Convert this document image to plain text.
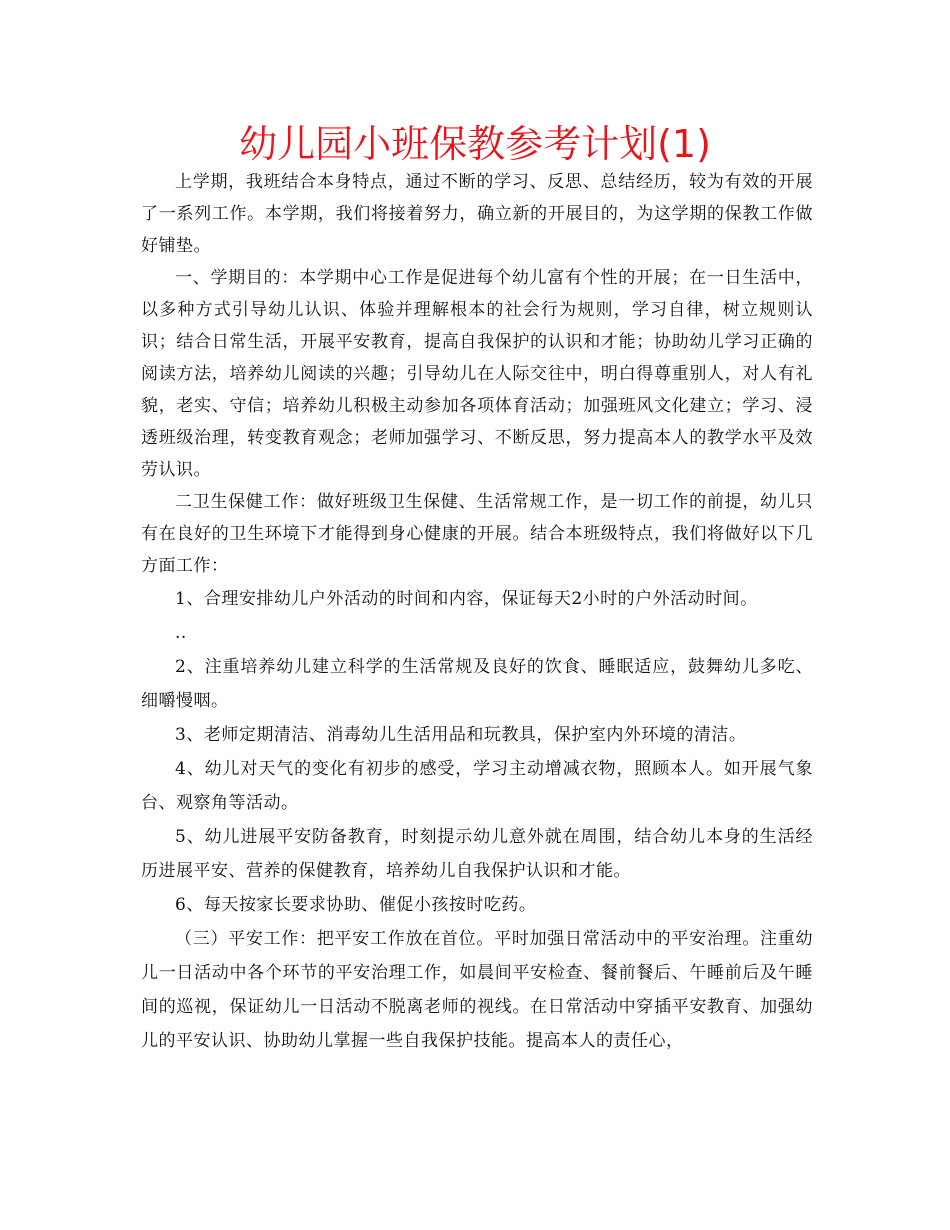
幼儿园小班保教参考计划(1)

上学期，我班结合本身特点，通过不断的学习、反思、总结经历，较为有效的开展了一系列工作。本学期，我们将接着努力，确立新的开展目的，为这学期的保教工作做好铺垫。

一、学期目的：本学期中心工作是促进每个幼儿富有个性的开展；在一日生活中，以多种方式引导幼儿认识、体验并理解根本的社会行为规则，学习自律，树立规则认识；结合日常生活，开展平安教育，提高自我保护的认识和才能；协助幼儿学习正确的阅读方法，培养幼儿阅读的兴趣；引导幼儿在人际交往中，明白得尊重别人，对人有礼貌，老实、守信；培养幼儿积极主动参加各项体育活动；加强班风文化建立；学习、浸透班级治理，转变教育观念；老师加强学习、不断反思，努力提高本人的教学水平及效劳认识。

二卫生保健工作：做好班级卫生保健、生活常规工作，是一切工作的前提，幼儿只有在良好的卫生环境下才能得到身心健康的开展。结合本班级特点，我们将做好以下几方面工作：

1、合理安排幼儿户外活动的时间和内容，保证每天2小时的户外活动时间。

..

2、注重培养幼儿建立科学的生活常规及良好的饮食、睡眠适应，鼓舞幼儿多吃、细嚼慢咽。

3、老师定期清洁、消毒幼儿生活用品和玩教具，保护室内外环境的清洁。

4、幼儿对天气的变化有初步的感受，学习主动增减衣物，照顾本人。如开展气象台、观察角等活动。

5、幼儿进展平安防备教育，时刻提示幼儿意外就在周围，结合幼儿本身的生活经历进展平安、营养的保健教育，培养幼儿自我保护认识和才能。

6、每天按家长要求协助、催促小孩按时吃药。

（三）平安工作：把平安工作放在首位。平时加强日常活动中的平安治理。注重幼儿一日活动中各个环节的平安治理工作，如晨间平安检查、餐前餐后、午睡前后及午睡间的巡视，保证幼儿一日活动不脱离老师的视线。在日常活动中穿插平安教育、加强幼儿的平安认识、协助幼儿掌握一些自我保护技能。提高本人的责任心，
